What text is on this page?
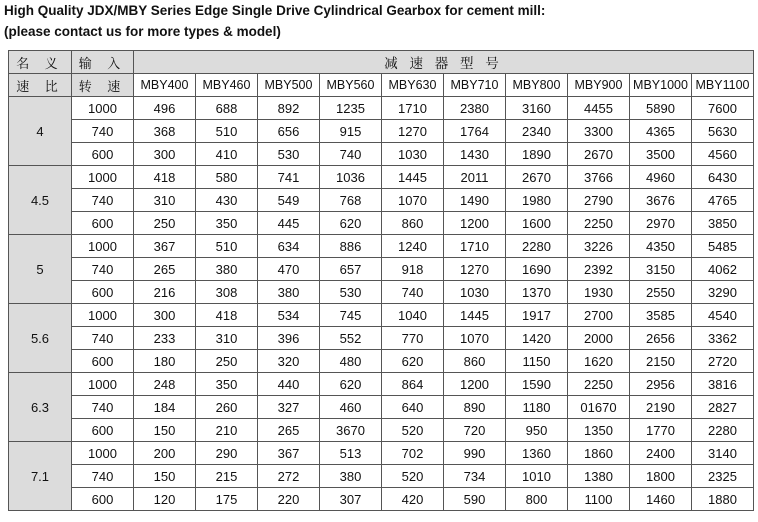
High Quality JDX/MBY Series Edge Single Drive Cylindrical Gearbox for cement mill:
(please contact us for more types & model)
名 义	输 入	减 速 器 型 号									
速 比	转 速	MBY400	MBY460	MBY500	MBY560	MBY630	MBY710	MBY800	MBY900	MBY1000	MBY1100
4	1000	496	688	892	1235	1710	2380	3160	4455	5890	7600
	740	368	510	656	915	1270	1764	2340	3300	4365	5630
	600	300	410	530	740	1030	1430	1890	2670	3500	4560
4.5	1000	418	580	741	1036	1445	2011	2670	3766	4960	6430
	740	310	430	549	768	1070	1490	1980	2790	3676	4765
	600	250	350	445	620	860	1200	1600	2250	2970	3850
5	1000	367	510	634	886	1240	1710	2280	3226	4350	5485
	740	265	380	470	657	918	1270	1690	2392	3150	4062
	600	216	308	380	530	740	1030	1370	1930	2550	3290
5.6	1000	300	418	534	745	1040	1445	1917	2700	3585	4540
	740	233	310	396	552	770	1070	1420	2000	2656	3362
	600	180	250	320	480	620	860	1150	1620	2150	2720
6.3	1000	248	350	440	620	864	1200	1590	2250	2956	3816
	740	184	260	327	460	640	890	1180	01670	2190	2827
	600	150	210	265	3670	520	720	950	1350	1770	2280
7.1	1000	200	290	367	513	702	990	1360	1860	2400	3140
	740	150	215	272	380	520	734	1010	1380	1800	2325
	600	120	175	220	307	420	590	800	1100	1460	1880
